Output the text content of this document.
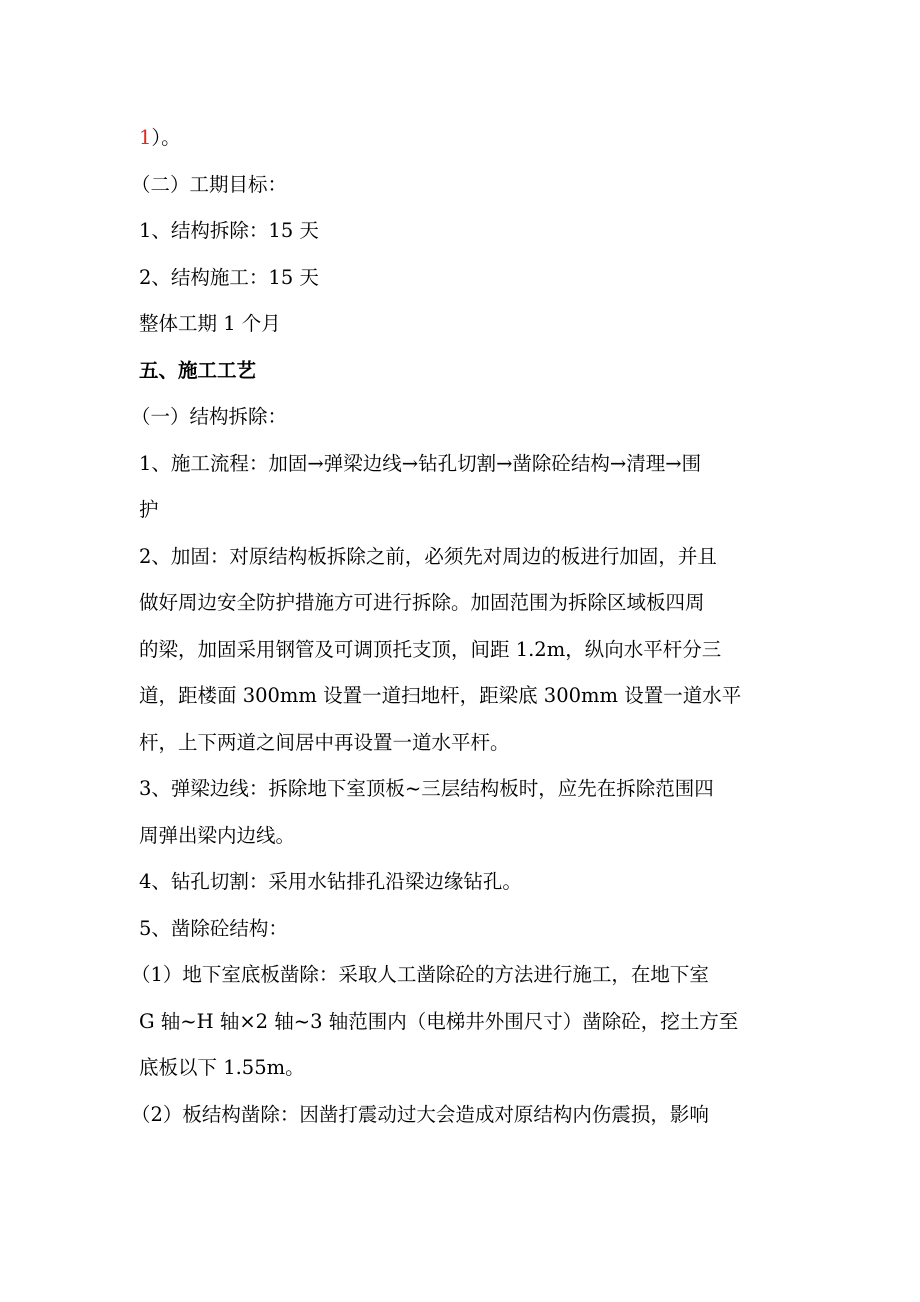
1）。
（二）工期目标：
1、结构拆除：15 天
2、结构施工：15 天
整体工期 1 个月
五、施工工艺
（一）结构拆除：
1、施工流程：加固→弹梁边线→钻孔切割→凿除砼结构→清理→围
护
2、加固：对原结构板拆除之前，必须先对周边的板进行加固，并且
做好周边安全防护措施方可进行拆除。加固范围为拆除区域板四周
的梁，加固采用钢管及可调顶托支顶，间距 1.2m，纵向水平杆分三
道，距楼面 300mm 设置一道扫地杆，距梁底 300mm 设置一道水平
杆，上下两道之间居中再设置一道水平杆。
3、弹梁边线：拆除地下室顶板~三层结构板时，应先在拆除范围四
周弹出梁内边线。
4、钻孔切割：采用水钻排孔沿梁边缘钻孔。
5、凿除砼结构：
（1）地下室底板凿除：采取人工凿除砼的方法进行施工，在地下室
G 轴~H 轴×2 轴~3 轴范围内（电梯井外围尺寸）凿除砼，挖土方至
底板以下 1.55m。
（2）板结构凿除：因凿打震动过大会造成对原结构内伤震损，影响
